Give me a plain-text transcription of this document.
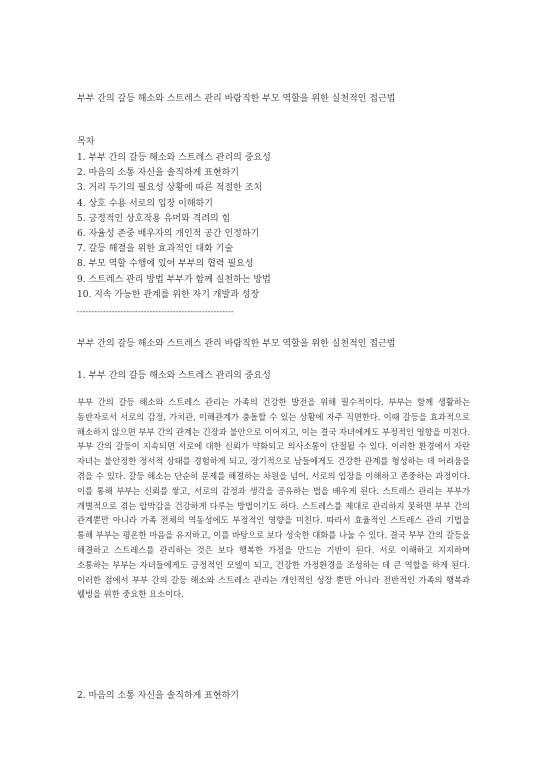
부부 간의 갈등 해소와 스트레스 관리 바람직한 부모 역할을 위한 실천적인 접근법
목차
1. 부부 간의 갈등 해소와 스트레스 관리의 중요성
2. 마음의 소통 자신을 솔직하게 표현하기
3. 거리 두기의 필요성 상황에 따른 적절한 조치
4. 상호 수용 서로의 입장 이해하기
5. 긍정적인 상호작용 유머와 격려의 힘
6. 자율성 존중 배우자의 개인적 공간 인정하기
7. 갈등 해결을 위한 효과적인 대화 기술
8. 부모 역할 수행에 있어 부부의 협력 필요성
9. 스트레스 관리 방법 부부가 함께 실천하는 방법
10. 지속 가능한 관계를 위한 자기 개발과 성장
------------------------------------------------------
부부 간의 갈등 해소와 스트레스 관리 바람직한 부모 역할을 위한 실천적인 접근법
1. 부부 간의 갈등 해소와 스트레스 관리의 중요성

부부 간의 갈등 해소와 스트레스 관리는 가족의 건강한 발전을 위해 필수적이다. 부부는 함께 생활하는 동반자로서 서로의 감정, 가치관, 이해관계가 충돌할 수 있는 상황에 자주 직면한다. 이때 갈등을 효과적으로 해소하지 않으면 부부 간의 관계는 긴장과 불안으로 이어지고, 이는 결국 자녀에게도 부정적인 영향을 미친다. 부부 간의 갈등이 지속되면 서로에 대한 신뢰가 약화되고 의사소통이 단절될 수 있다. 이러한 환경에서 자란 자녀는 불안정한 정서적 상태를 경험하게 되고, 장기적으로 남들에게도 건강한 관계를 형성하는 데 어려움을 겪을 수 있다. 갈등 해소는 단순히 문제를 해결하는 차원을 넘어, 서로의 입장을 이해하고 존중하는 과정이다. 이를 통해 부부는 신뢰를 쌓고, 서로의 감정과 생각을 공유하는 법을 배우게 된다. 스트레스 관리는 부부가 개별적으로 겪는 압박감을 건강하게 다루는 방법이기도 하다. 스트레스를 제대로 관리하지 못하면 부부 간의 관계뿐만 아니라 가족 전체의 역동성에도 부정적인 영향을 미친다. 따라서 효율적인 스트레스 관리 기법을 통해 부부는 평온한 마음을 유지하고, 이를 바탕으로 보다 성숙한 대화를 나눌 수 있다. 결국 부부 간의 갈등을 해결하고 스트레스를 관리하는 것은 보다 행복한 가정을 만드는 기반이 된다. 서로 이해하고 지지하며 소통하는 부부는 자녀들에게도 긍정적인 모델이 되고, 건강한 가정환경을 조성하는 데 큰 역할을 하게 된다. 이러한 점에서 부부 간의 갈등 해소와 스트레스 관리는 개인적인 성장 뿐만 아니라 전반적인 가족의 행복과 웰빙을 위한 중요한 요소이다.

2. 마음의 소통 자신을 솔직하게 표현하기
